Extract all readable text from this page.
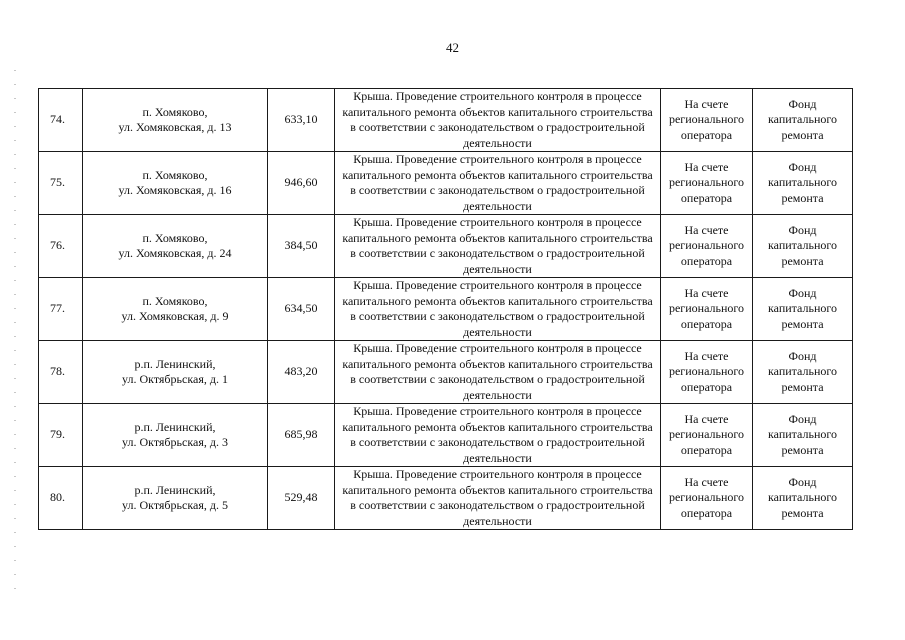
42
74.	п. Хомяково,
ул. Хомяковская, д. 13	633,10	Крыша. Проведение строительного контроля в процессе капитального ремонта объектов капитального строительства в соответствии с законодательством о градостроительной деятельности	На счете регионального оператора	Фонд капитального ремонта
75.	п. Хомяково,
ул. Хомяковская, д. 16	946,60	Крыша. Проведение строительного контроля в процессе капитального ремонта объектов капитального строительства в соответствии с законодательством о градостроительной деятельности	На счете регионального оператора	Фонд капитального ремонта
76.	п. Хомяково,
ул. Хомяковская, д. 24	384,50	Крыша. Проведение строительного контроля в процессе капитального ремонта объектов капитального строительства в соответствии с законодательством о градостроительной деятельности	На счете регионального оператора	Фонд капитального ремонта
77.	п. Хомяково,
ул. Хомяковская, д. 9	634,50	Крыша. Проведение строительного контроля в процессе капитального ремонта объектов капитального строительства в соответствии с законодательством о градостроительной деятельности	На счете регионального оператора	Фонд капитального ремонта
78.	р.п. Ленинский,
ул. Октябрьская, д. 1	483,20	Крыша. Проведение строительного контроля в процессе капитального ремонта объектов капитального строительства в соответствии с законодательством о градостроительной деятельности	На счете регионального оператора	Фонд капитального ремонта
79.	р.п. Ленинский,
ул. Октябрьская, д. 3	685,98	Крыша. Проведение строительного контроля в процессе капитального ремонта объектов капитального строительства в соответствии с законодательством о градостроительной деятельности	На счете регионального оператора	Фонд капитального ремонта
80.	р.п. Ленинский,
ул. Октябрьская, д. 5	529,48	Крыша. Проведение строительного контроля в процессе капитального ремонта объектов капитального строительства в соответствии с законодательством о градостроительной деятельности	На счете регионального оператора	Фонд капитального ремонта
